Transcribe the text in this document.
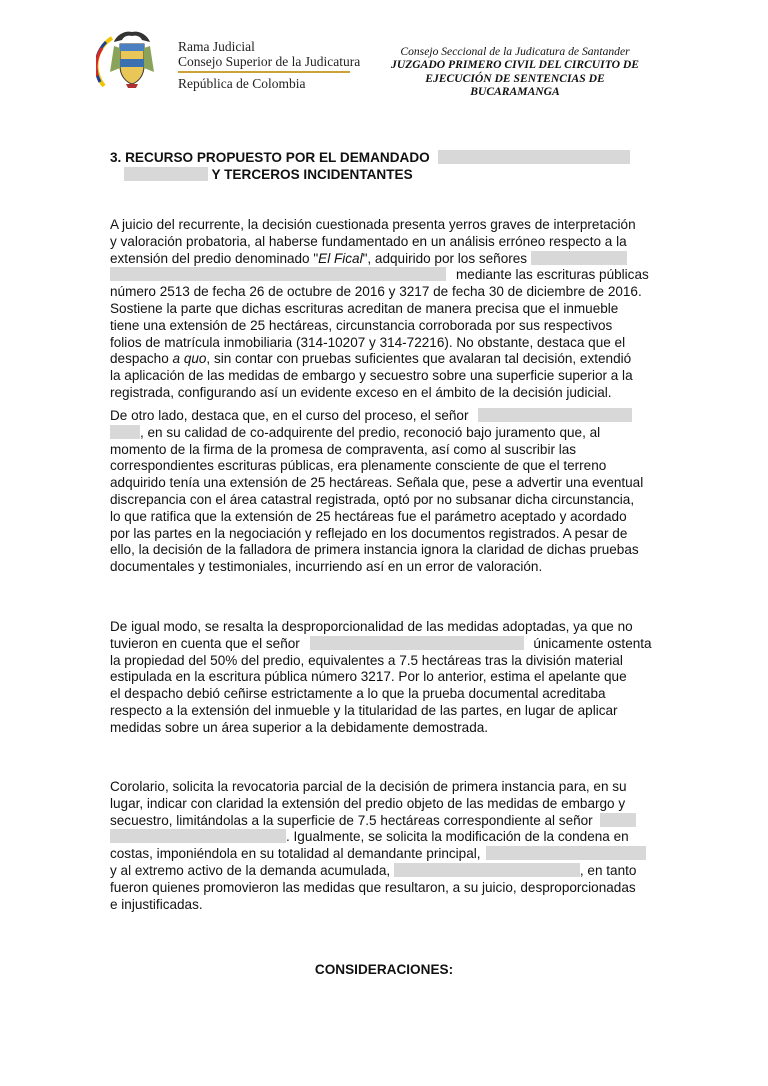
Rama Judicial
Consejo Superior de la Judicatura
República de Colombia
Consejo Seccional de la Judicatura de Santander
JUZGADO PRIMERO CIVIL DEL CIRCUITO DE
EJECUCIÓN DE SENTENCIAS DE
BUCARAMANGA
3. RECURSO PROPUESTO POR EL DEMANDADO
Y TERCEROS INCIDENTANTES
A juicio del recurrente, la decisión cuestionada presenta yerros graves de interpretación
y valoración probatoria, al haberse fundamentado en un análisis erróneo respecto a la
extensión del predio denominado "El Fical", adquirido por los señores
mediante las escrituras públicas
número 2513 de fecha 26 de octubre de 2016 y 3217 de fecha 30 de diciembre de 2016.
Sostiene la parte que dichas escrituras acreditan de manera precisa que el inmueble
tiene una extensión de 25 hectáreas, circunstancia corroborada por sus respectivos
folios de matrícula inmobiliaria (314-10207 y 314-72216). No obstante, destaca que el
despacho a quo, sin contar con pruebas suficientes que avalaran tal decisión, extendió
la aplicación de las medidas de embargo y secuestro sobre una superficie superior a la
registrada, configurando así un evidente exceso en el ámbito de la decisión judicial.
De otro lado, destaca que, en el curso del proceso, el señor
, en su calidad de co-adquirente del predio, reconoció bajo juramento que, al
momento de la firma de la promesa de compraventa, así como al suscribir las
correspondientes escrituras públicas, era plenamente consciente de que el terreno
adquirido tenía una extensión de 25 hectáreas. Señala que, pese a advertir una eventual
discrepancia con el área catastral registrada, optó por no subsanar dicha circunstancia,
lo que ratifica que la extensión de 25 hectáreas fue el parámetro aceptado y acordado
por las partes en la negociación y reflejado en los documentos registrados. A pesar de
ello, la decisión de la falladora de primera instancia ignora la claridad de dichas pruebas
documentales y testimoniales, incurriendo así en un error de valoración.
De igual modo, se resalta la desproporcionalidad de las medidas adoptadas, ya que no
tuvieron en cuenta que el señor	únicamente ostenta
la propiedad del 50% del predio, equivalentes a 7.5 hectáreas tras la división material
estipulada en la escritura pública número 3217. Por lo anterior, estima el apelante que
el despacho debió ceñirse estrictamente a lo que la prueba documental acreditaba
respecto a la extensión del inmueble y la titularidad de las partes, en lugar de aplicar
medidas sobre un área superior a la debidamente demostrada.
Corolario, solicita la revocatoria parcial de la decisión de primera instancia para, en su
lugar, indicar con claridad la extensión del predio objeto de las medidas de embargo y
secuestro, limitándolas a la superficie de 7.5 hectáreas correspondiente al señor
. Igualmente, se solicita la modificación de la condena en
costas, imponiéndola en su totalidad al demandante principal,
y al extremo activo de la demanda acumulada,	, en tanto
fueron quienes promovieron las medidas que resultaron, a su juicio, desproporcionadas
e injustificadas.
CONSIDERACIONES:
